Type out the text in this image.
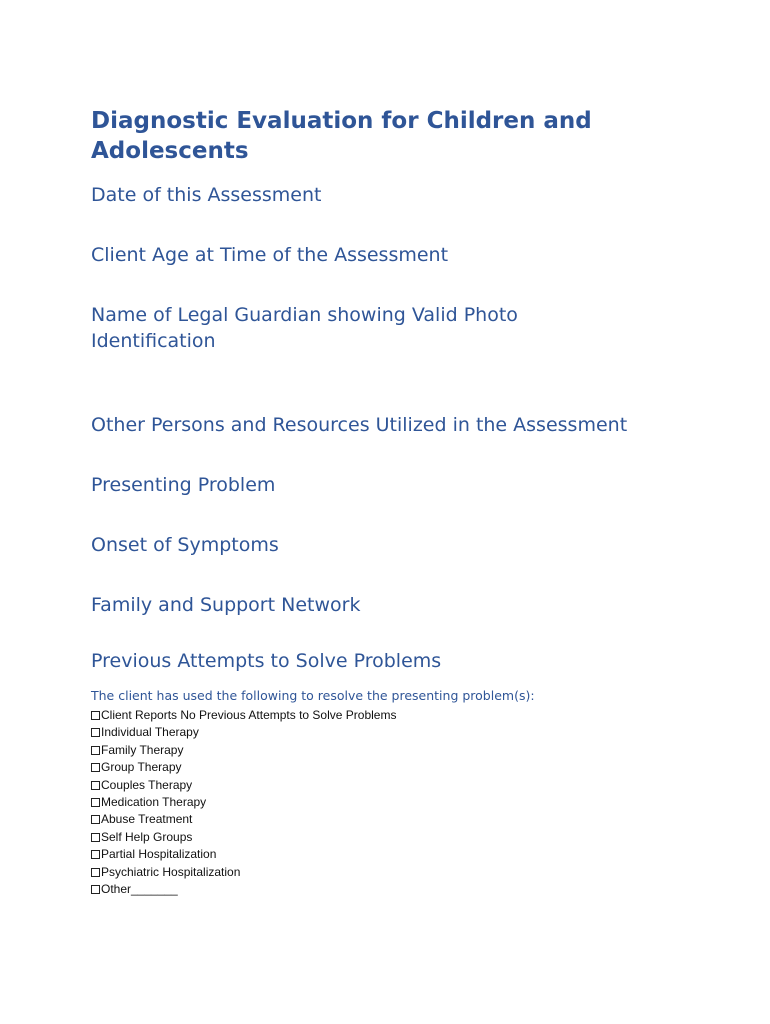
Diagnostic Evaluation for Children and Adolescents

Date of this Assessment

Client Age at Time of the Assessment

Name of Legal Guardian showing Valid Photo Identification

Other Persons and Resources Utilized in the Assessment

Presenting Problem

Onset of Symptoms

Family and Support Network

Previous Attempts to Solve Problems

The client has used the following to resolve the presenting problem(s):

Client Reports No Previous Attempts to Solve Problems
Individual Therapy
Family Therapy
Group Therapy
Couples Therapy
Medication Therapy
Abuse Treatment
Self Help Groups
Partial Hospitalization
Psychiatric Hospitalization
Other_______
